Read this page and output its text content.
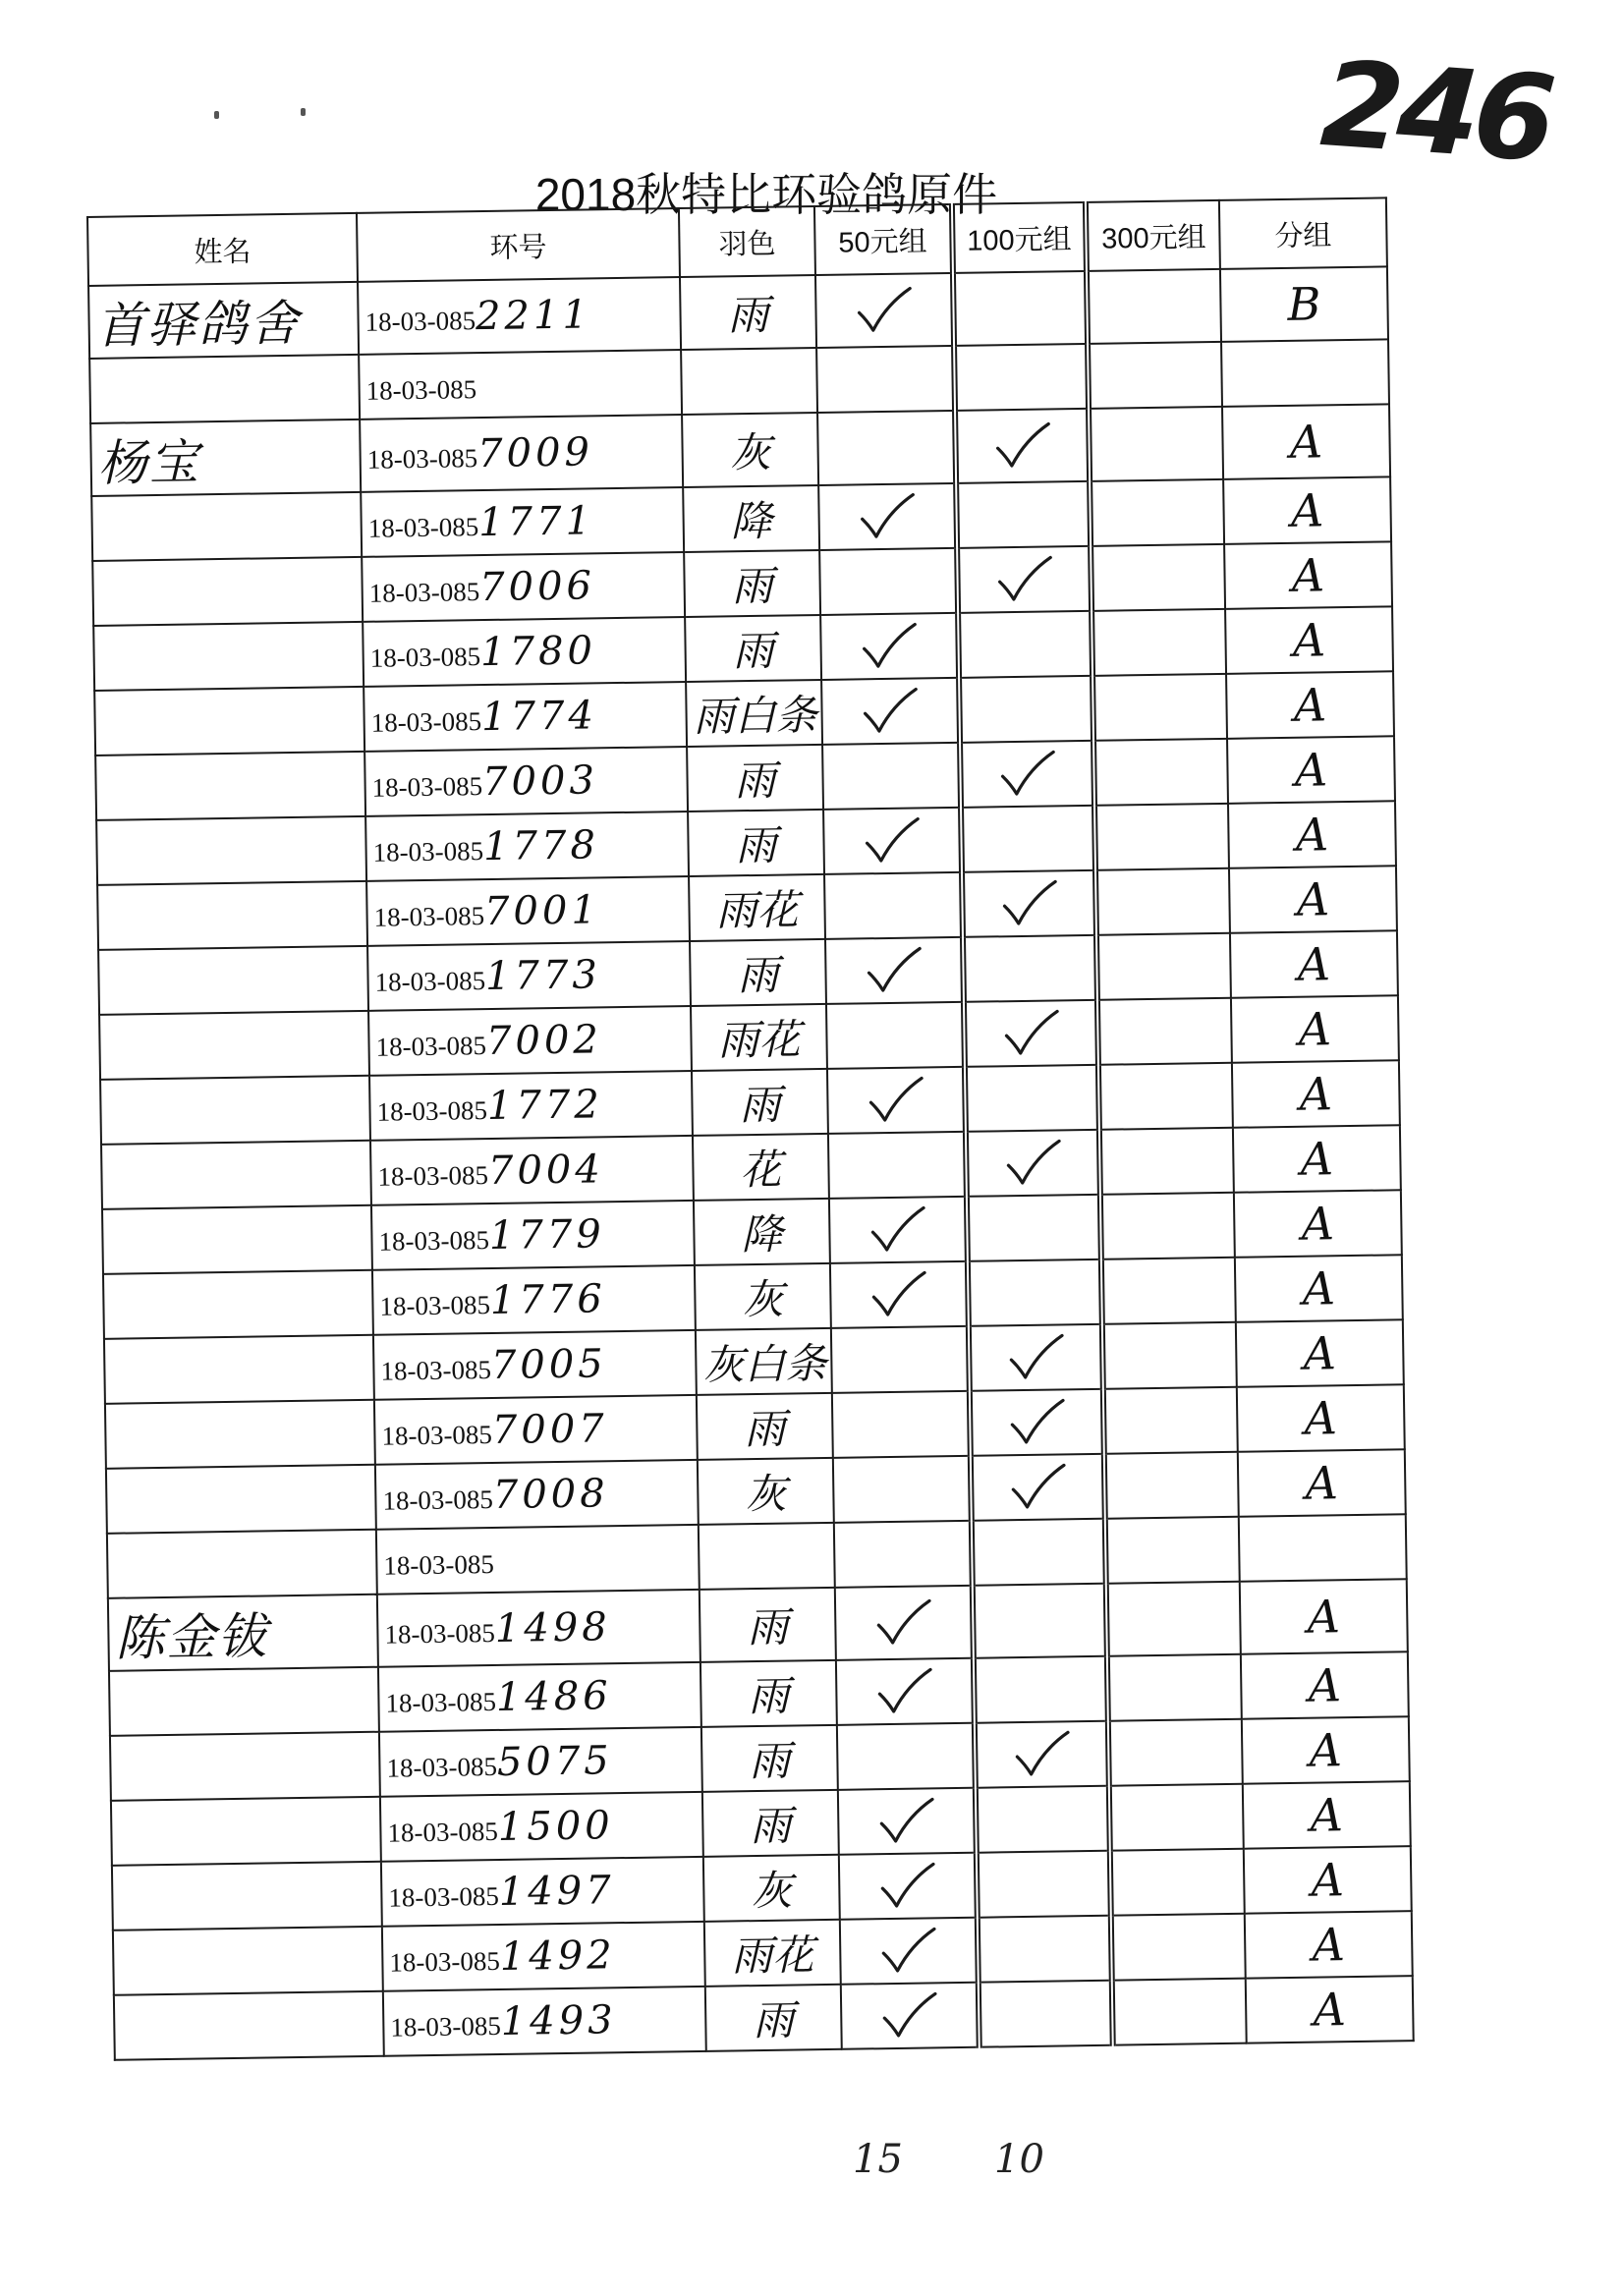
246
2018秋特比环验鸽原件
姓名	环号	羽色	50元组	100元组	300元组	分组
首驿鸽舍	18-03-0852211	雨				B
	18-03-085					
杨宝	18-03-0857009	灰				A
	18-03-0851771	降				A
	18-03-0857006	雨				A
	18-03-0851780	雨				A
	18-03-0851774	雨白条				A
	18-03-0857003	雨				A
	18-03-0851778	雨				A
	18-03-0857001	雨花				A
	18-03-0851773	雨				A
	18-03-0857002	雨花				A
	18-03-0851772	雨				A
	18-03-0857004	花				A
	18-03-0851779	降				A
	18-03-0851776	灰				A
	18-03-0857005	灰白条				A
	18-03-0857007	雨				A
	18-03-0857008	灰				A
	18-03-085					
陈金钹	18-03-0851498	雨				A
	18-03-0851486	雨				A
	18-03-0855075	雨				A
	18-03-0851500	雨				A
	18-03-0851497	灰				A
	18-03-0851492	雨花				A
	18-03-0851493	雨				A
15 10
